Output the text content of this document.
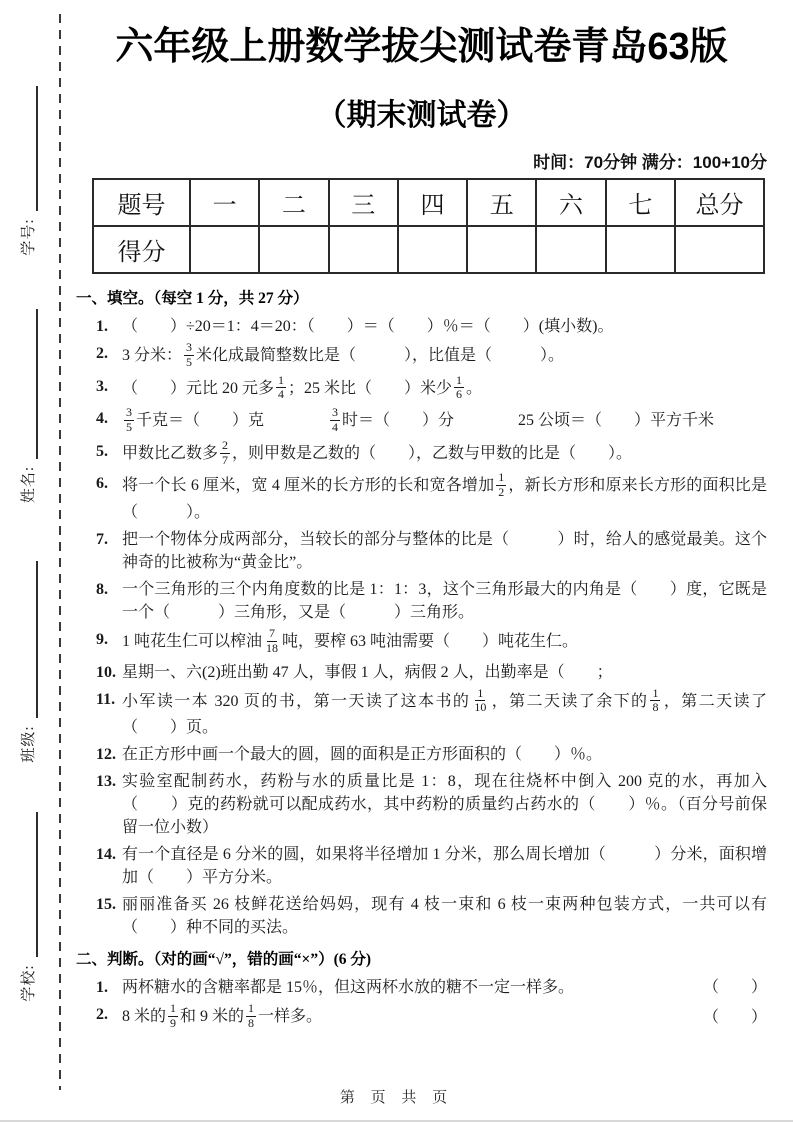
学号:
姓名:
班级:
学校:
六年级上册数学拔尖测试卷青岛63版
（期末测试卷）
时间：70分钟 满分：100+10分
题号	一	二	三	四	五	六	七	总分
得分								
一、填空。（每空 1 分，共 27 分）
1. （　　）÷20＝1：4＝20：（　　）＝（　　）％＝（　　）(填小数)。
2. 3 分米： $\frac{3}{5}$ 米化成最简整数比是（　　　），比值是（　　　）。
3. （　　）元比 20 元多 $\frac{1}{4}$ ；25 米比（　　）米少 $\frac{1}{6}$ 。
4.	$\frac{3}{5}$ 千克＝（　　）克　　　　 $\frac{3}{4}$ 时＝（　　）分　　　　25 公顷＝（　　）平方千米
5. 甲数比乙数多 $\frac{2}{7}$ ，则甲数是乙数的（　　），乙数与甲数的比是（　　）。
6. 将一个长 6 厘米，宽 4 厘米的长方形的长和宽各增加 $\frac{1}{2}$ ，新长方形和原来长方形的面积比是（　　　）。
7. 把一个物体分成两部分，当较长的部分与整体的比是（　　　）时，给人的感觉最美。这个神奇的比被称为“黄金比”。
8. 一个三角形的三个内角度数的比是 1：1：3，这个三角形最大的内角是（　　）度，它既是一个（　　　）三角形，又是（　　　）三角形。
9. 1 吨花生仁可以榨油 $\frac{7}{18}$ 吨，要榨 63 吨油需要（　　）吨花生仁。
10. 星期一、六(2)班出勤 47 人，事假 1 人，病假 2 人，出勤率是（　　；
11. 小军读一本 320 页的书，第一天读了这本书的 $\frac{1}{10}$ ，第二天读了余下的 $\frac{1}{8}$ ，第二天读了（　　）页。
12. 在正方形中画一个最大的圆，圆的面积是正方形面积的（　　）％。
13. 实验室配制药水，药粉与水的质量比是 1：8，现在往烧杯中倒入 200 克的水，再加入（　　）克的药粉就可以配成药水，其中药粉的质量约占药水的（　　）％。（百分号前保留一位小数）
14. 有一个直径是 6 分米的圆，如果将半径增加 1 分米，那么周长增加（　　　）分米，面积增加（　　）平方分米。
15. 丽丽准备买 26 枝鲜花送给妈妈，现有 4 枝一束和 6 枝一束两种包装方式，一共可以有（　　）种不同的买法。
二、判断。（对的画“√”，错的画“×”）(6 分)
1. 两杯糖水的含糖率都是 15％，但这两杯水放的糖不一定一样多。	（　　）
2. 8 米的 $\frac{1}{9}$ 和 9 米的 $\frac{1}{8}$ 一样多。	（　　）
第 页 共 页
